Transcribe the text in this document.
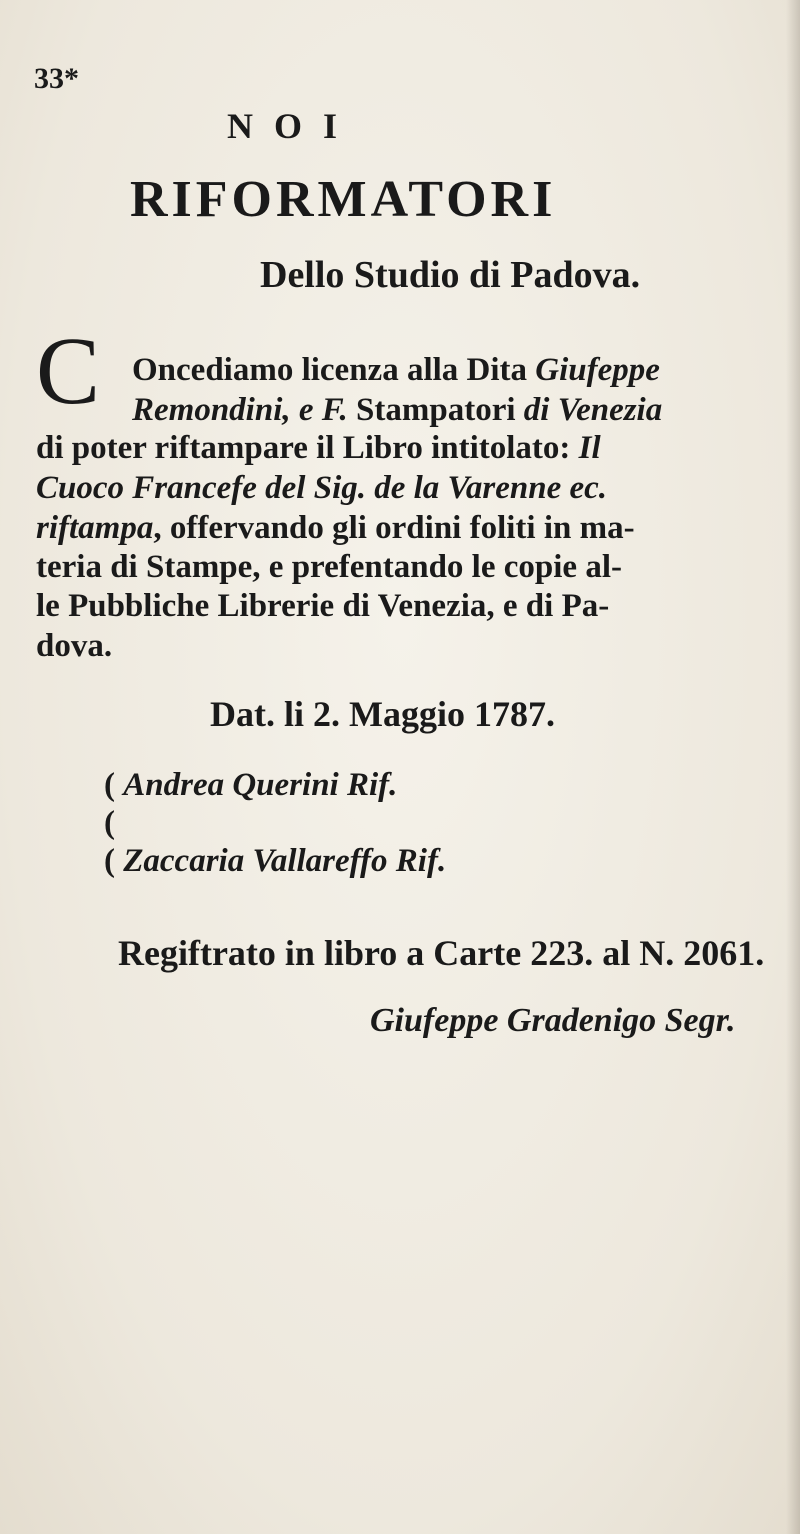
33*
N O I
RIFORMATORI
Dello Studio di Padova.
C Oncediamo licenza alla Dita Giufeppe
Remondini, e F. Stampatori di Venezia
di poter riftampare il Libro intitolato: Il
Cuoco Francefe del Sig. de la Varenne ec.
riftampa, offervando gli ordini foliti in ma-
teria di Stampe, e prefentando le copie al-
le Pubbliche Librerie di Venezia, e di Pa-
dova.
Dat. li 2. Maggio 1787.
( Andrea Querini Rif.
(
( Zaccaria Vallareffo Rif.
Regiftrato in libro a Carte 223. al N. 2061.
Giufeppe Gradenigo Segr.
